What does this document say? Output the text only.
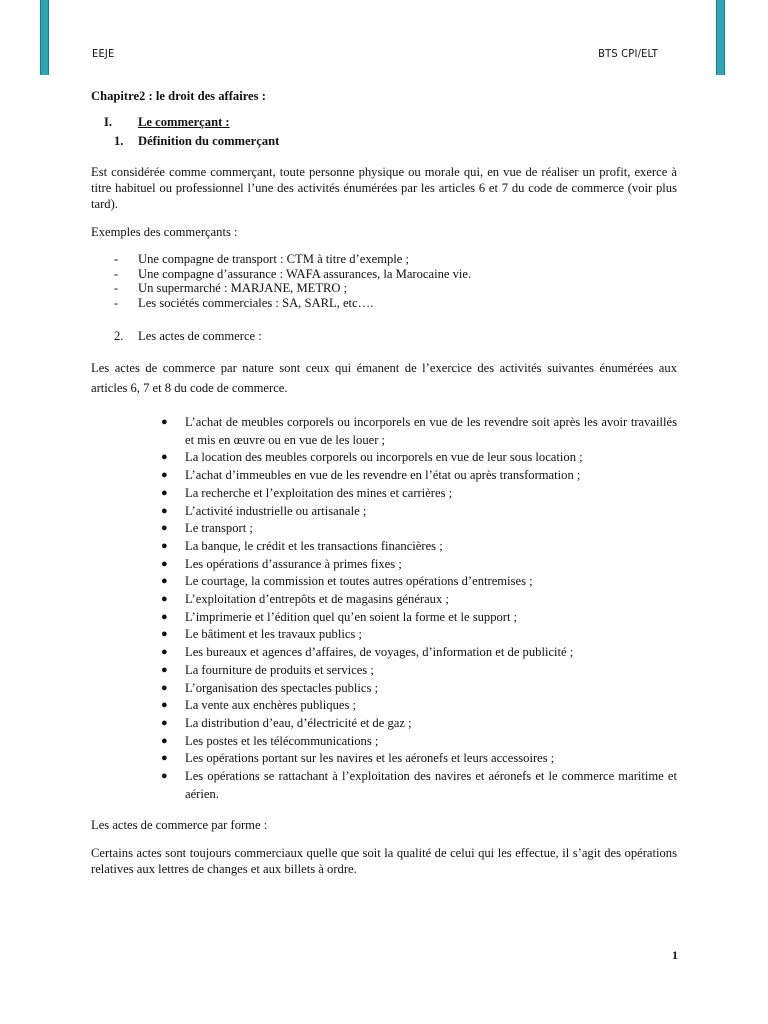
EEJE	BTS CPI/ELT
Chapitre2 : le droit des affaires :
I. Le commerçant :
1. Définition du commerçant

Est considérée comme commerçant, toute personne physique ou morale qui, en vue de réaliser un profit, exerce à titre habituel ou professionnel l’une des activités énumérées par les articles 6 et 7 du code de commerce (voir plus tard).

Exemples des commerçants :

- Une compagne de transport : CTM à titre d’exemple ;
- Une compagne d’assurance : WAFA assurances, la Marocaine vie.
- Un supermarché : MARJANE, METRO ;
- Les sociétés commerciales : SA, SARL, etc….
2. Les actes de commerce :

Les actes de commerce par nature sont ceux qui émanent de l’exercice des activités suivantes énumérées aux articles 6, 7 et 8 du code de commerce.

● L’achat de meubles corporels ou incorporels en vue de les revendre soit après les avoir travaillés et mis en œuvre ou en vue de les louer ;
● La location des meubles corporels ou incorporels en vue de leur sous location ;
● L’achat d’immeubles en vue de les revendre en l’état ou après transformation ;
● La recherche et l’exploitation des mines et carrières ;
● L’activité industrielle ou artisanale ;
● Le transport ;
● La banque, le crédit et les transactions financières ;
● Les opérations d’assurance à primes fixes ;
● Le courtage, la commission et toutes autres opérations d’entremises ;
● L’exploitation d’entrepôts et de magasins généraux ;
● L’imprimerie et l’édition quel qu’en soient la forme et le support ;
● Le bâtiment et les travaux publics ;
● Les bureaux et agences d’affaires, de voyages, d’information et de publicité ;
● La fourniture de produits et services ;
● L’organisation des spectacles publics ;
● La vente aux enchères publiques ;
● La distribution d’eau, d’électricité et de gaz ;
● Les postes et les télécommunications ;
● Les opérations portant sur les navires et les aéronefs et leurs accessoires ;
● Les opérations se rattachant à l’exploitation des navires et aéronefs et le commerce maritime et aérien.

Les actes de commerce par forme :

Certains actes sont toujours commerciaux quelle que soit la qualité de celui qui les effectue, il s’agit des opérations relatives aux lettres de changes et aux billets à ordre.

1
